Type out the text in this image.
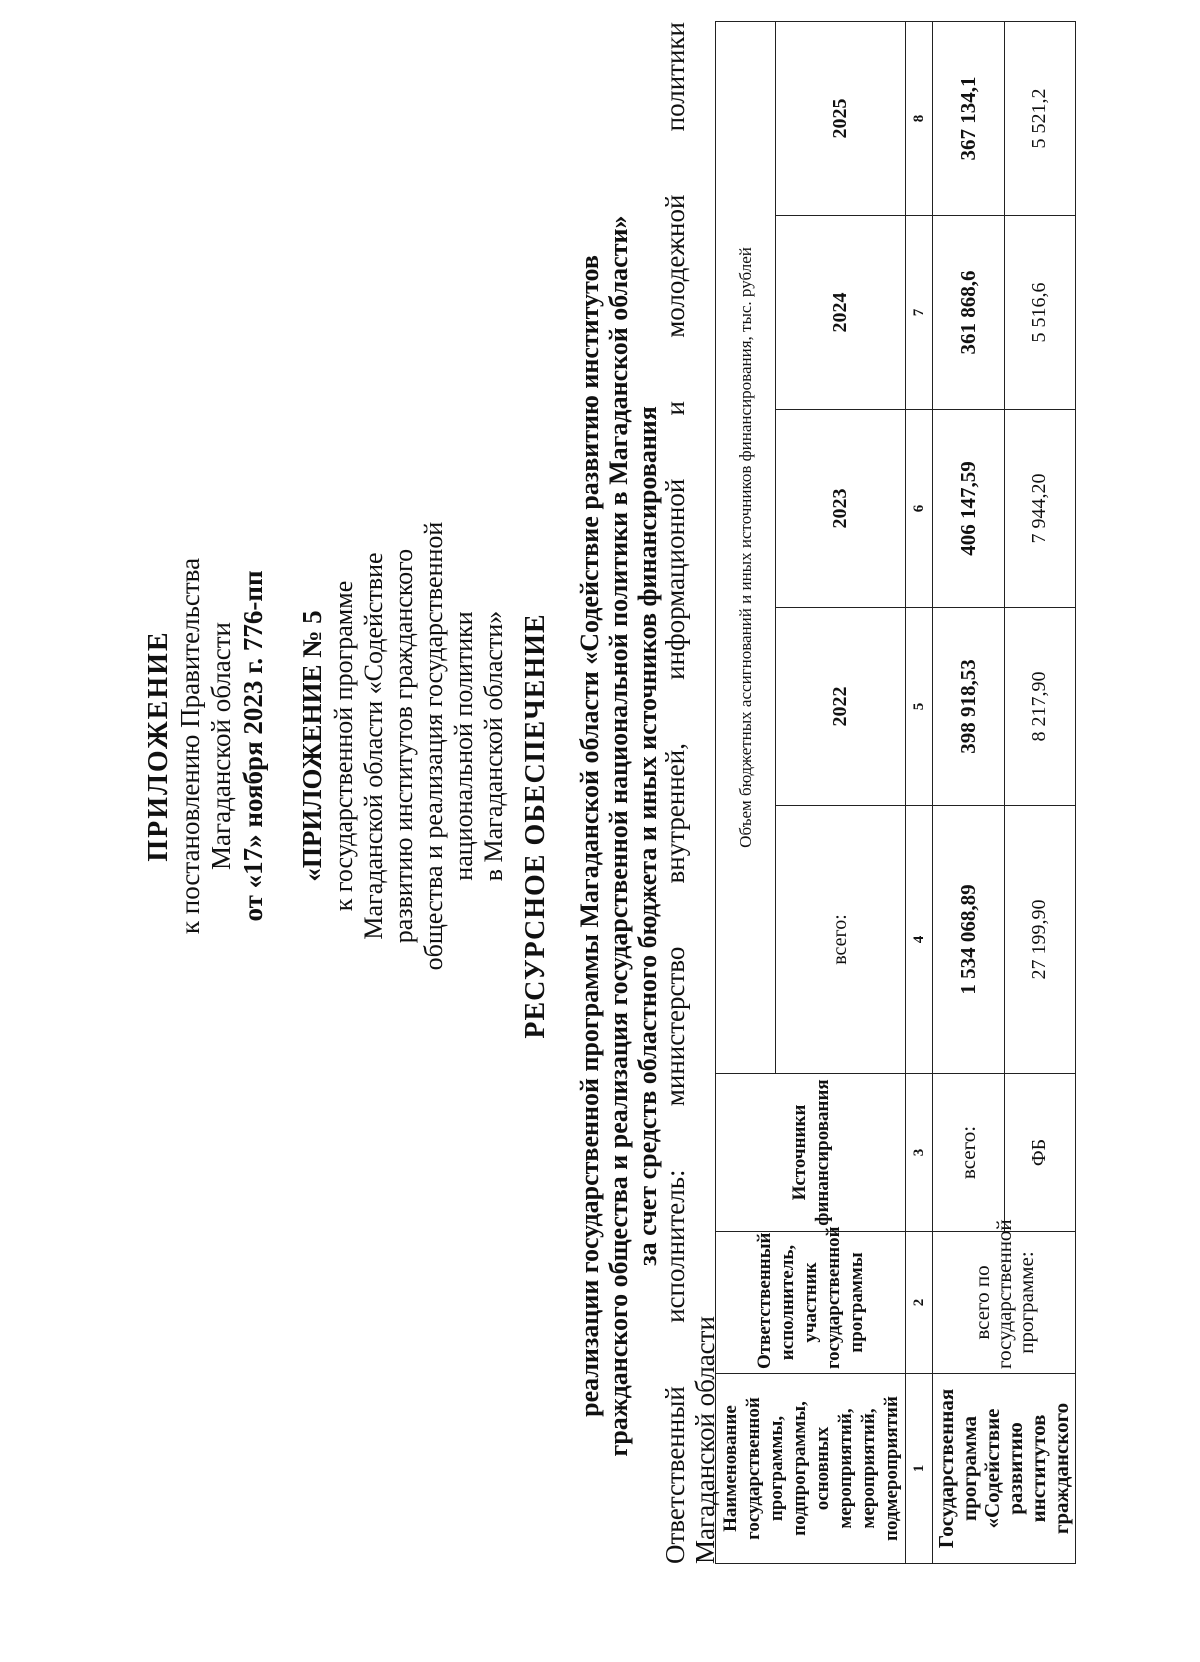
ПРИЛОЖЕНИЕ к постановлению Правительства Магаданской области от «17» ноября 2023 г. 776-пп «ПРИЛОЖЕНИЕ № 5 к государственной программе Магаданской области «Содействие развитию институтов гражданского общества и реализация государственной национальной политики в Магаданской области» РЕСУРСНОЕ ОБЕСПЕЧЕНИЕ реализации государственной программы Магаданской области «Содействие развитию институтов гражданского общества и реализация государственной национальной политики в Магаданской области» за счет средств областного бюджета и иных источников финансирования
Ответственный
исполнитель:
министерство
внутренней,
информационной
и
молодежной
политики
Магаданской области Наименование государственной программы, подпрограммы, основных мероприятий, мероприятий, подмероприятий	Ответственный исполнитель, участник государственной программы	Источники финансирования	Объем бюджетных ассигнований и иных источников финансирования, тыс. рублей				
			всего:	2022	2023	2024	2025
1	2	3	4	5	6	7	8
Государственная программа «Содействие развитию институтов гражданского	всего по государственной программе:	всего:	1 534 068,89	398 918,53	406 147,59	361 868,6	367 134,1
		ФБ	27 199,90	8 217,90	7 944,20	5 516,6	5 521,2
